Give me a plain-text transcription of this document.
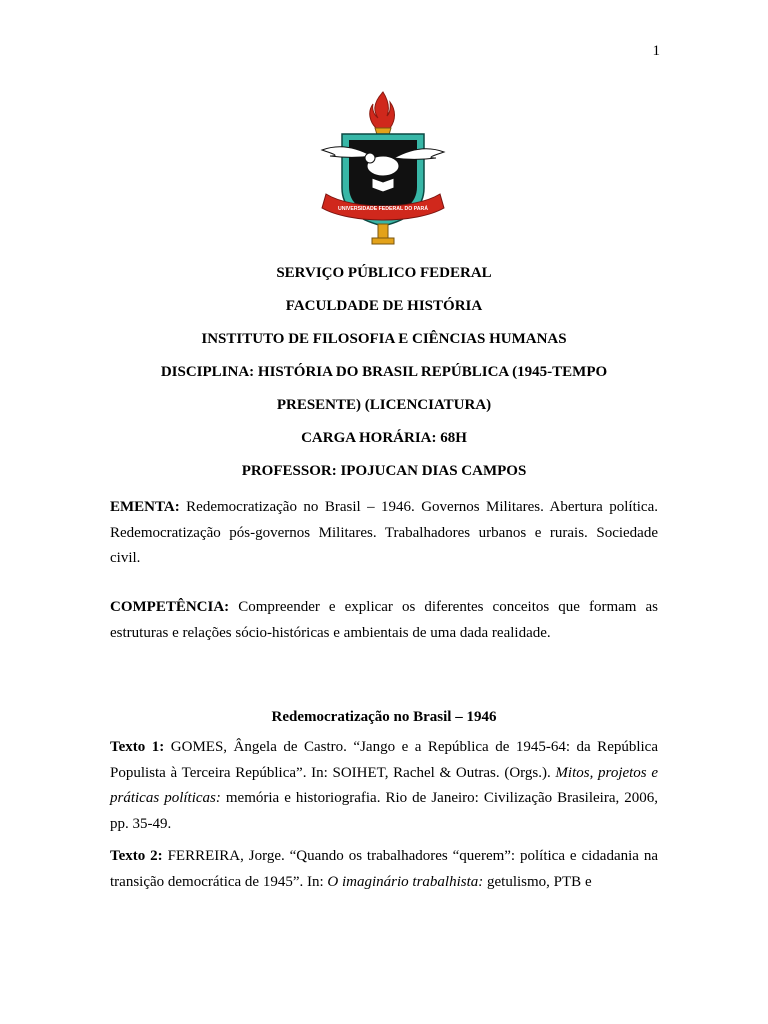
1
UNIVERSIDADE FEDERAL DO PARÁ
SERVIÇO PÚBLICO FEDERAL
FACULDADE DE HISTÓRIA
INSTITUTO DE FILOSOFIA E CIÊNCIAS HUMANAS
DISCIPLINA: HISTÓRIA DO BRASIL REPÚBLICA (1945-TEMPO
PRESENTE) (LICENCIATURA)
CARGA HORÁRIA: 68H
PROFESSOR: IPOJUCAN DIAS CAMPOS
EMENTA: Redemocratização no Brasil – 1946. Governos Militares. Abertura política. Redemocratização pós-governos Militares. Trabalhadores urbanos e rurais. Sociedade civil.
COMPETÊNCIA: Compreender e explicar os diferentes conceitos que formam as estruturas e relações sócio-históricas e ambientais de uma dada realidade.
Redemocratização no Brasil – 1946
Texto 1: GOMES, Ângela de Castro. “Jango e a República de 1945-64: da República Populista à Terceira República”. In: SOIHET, Rachel & Outras. (Orgs.). Mitos, projetos e práticas políticas: memória e historiografia. Rio de Janeiro: Civilização Brasileira, 2006, pp. 35-49.
Texto 2: FERREIRA, Jorge. “Quando os trabalhadores “querem”: política e cidadania na transição democrática de 1945”. In: O imaginário trabalhista: getulismo, PTB e
